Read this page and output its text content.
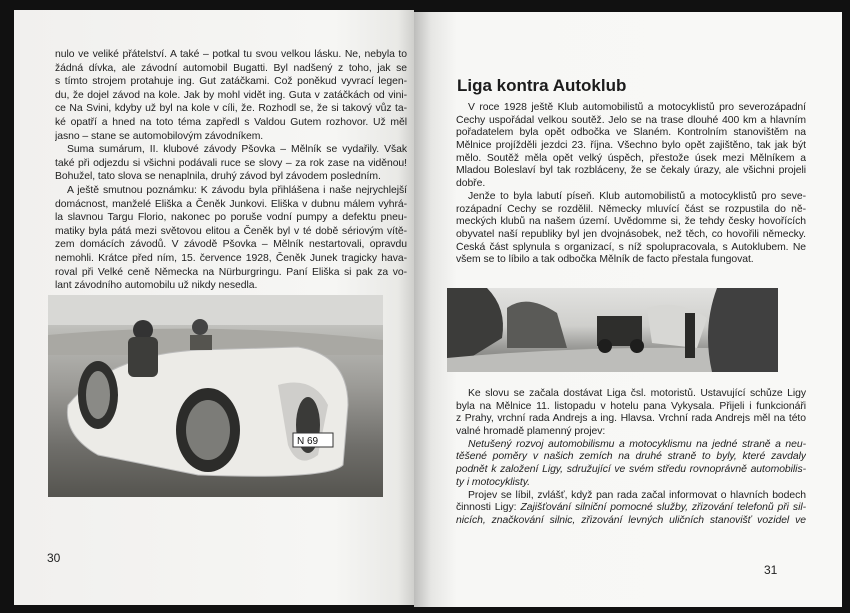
nulo ve veliké přátelství. A také – potkal tu svou velkou lásku. Ne, nebyla to
žádná dívka, ale závodní automobil Bugatti. Byl nadšený z toho, jak se
s tímto strojem protahuje ing. Gut zatáčkami. Což poněkud vyvrací legen-
du, že dojel závod na kole. Jak by mohl vidět ing. Guta v zatáčkách od vini-
ce Na Svini, kdyby už byl na kole v cíli, že. Rozhodl se, že si takový vůz ta-
ké opatří a hned na toto téma zapředl s Valdou Gutem rozhovor. Už měl
jasno – stane se automobilovým závodníkem.
Suma sumárum, II. klubové závody Pšovka – Mělník se vydařily. Však
také při odjezdu si všichni podávali ruce se slovy – za rok zase na viděnou!
Bohužel, tato slova se nenaplnila, druhý závod byl závodem posledním.
A ještě smutnou poznámku: K závodu byla přihlášena i naše nejrychlejší
domácnost, manželé Eliška a Čeněk Junkovi. Eliška v dubnu málem vyhrá-
la slavnou Targu Florio, nakonec po poruše vodní pumpy a defektu pneu-
matiky byla pátá mezi světovou elitou a Čeněk byl v té době sériovým vítě-
zem domácích závodů. V závodě Pšovka – Mělník nestartovali, opravdu
nemohli. Krátce před ním, 15. července 1928, Čeněk Junek tragicky hava-
roval při Velké ceně Německa na Nürburgringu. Paní Eliška si pak za vo-
lant závodního automobilu už nikdy nesedla.
N 69
30
Liga kontra Autoklub
V roce 1928 ještě Klub automobilistů a motocyklistů pro severozápadní
Čechy uspořádal velkou soutěž. Jelo se na trase dlouhé 400 km a hlavním
pořadatelem byla opět odbočka ve Slaném. Kontrolním stanovištěm na
Mělnice projížděli jezdci 23. října. Všechno bylo opět zajištěno, tak jak být
mělo. Soutěž měla opět velký úspěch, přestože úsek mezi Mělníkem a
Mladou Boleslaví byl tak rozbláceny, že se čekaly úrazy, ale všichni projeli
dobře.
Jenže to byla labutí píseň. Klub automobilistů a motocyklistů pro seve-
rozápadní Čechy se rozdělil. Německy mluvící část se rozpustila do ně-
meckých klubů na našem území. Uvědomme si, že tehdy česky hovořících
obyvatel naší republiky byl jen dvojnásobek, než těch, co hovořili německy.
Česká část splynula s organizací, s níž spolupracovala, s Autoklubem. Ne
všem se to líbilo a tak odbočka Mělník de facto přestala fungovat.
Ke slovu se začala dostávat Liga čsl. motoristů. Ustavující schůze Ligy
byla na Mělnice 11. listopadu v hotelu pana Vykysala. Přijeli i funkcionáři
z Prahy, vrchní rada Andrejs a ing. Hlavsa. Vrchní rada Andrejs měl na této
valné hromadě plamenný projev:
Netušený rozvoj automobilismu a motocyklismu na jedné straně a neu-
těšené poměry v našich zemích na druhé straně to byly, které zavdaly
podnět k založení Ligy, sdružující ve svém středu rovnoprávně automobilis-
ty i motocyklisty.
Projev se líbil, zvlášť, když pan rada začal informovat o hlavních bodech
činnosti Ligy: Zajišťování silniční pomocné služby, zřizování telefonů při sil-
nicích, značkování silnic, zřizování levných uličních stanovišť vozidel ve
31
